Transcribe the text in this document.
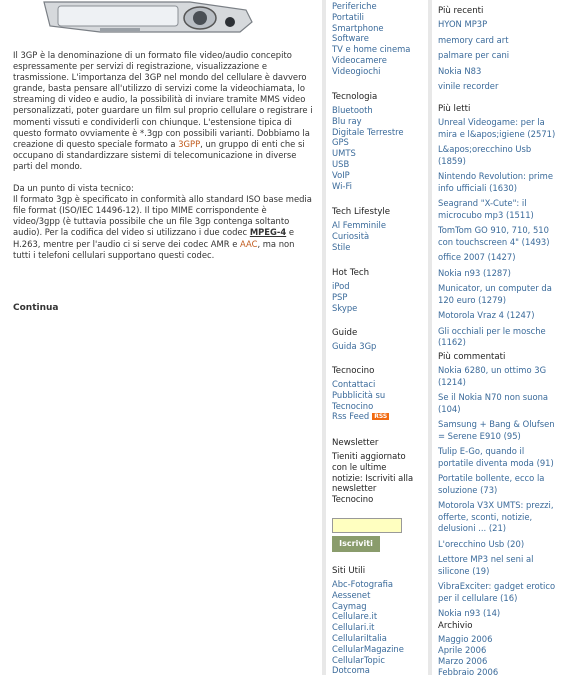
Il 3GP è la denominazione di un formato file video/audio concepito espressamente per servizi di registrazione, visualizzazione e trasmissione. L'importanza del 3GP nel mondo del cellulare è davvero grande, basta pensare all'utilizzo di servizi come la videochiamata, lo streaming di video e audio, la possibilità di inviare tramite MMS video personalizzati, poter guardare un film sul proprio cellulare o registrare i momenti vissuti e condividerli con chiunque. L'estensione tipica di questo formato ovviamente è *.3gp con possibili varianti. Dobbiamo la creazione di questo speciale formato a 3GPP, un gruppo di enti che si occupano di standardizzare sistemi di telecomunicazione in diverse parti del mondo.

Da un punto di vista tecnico:
Il formato 3gp è specificato in conformità allo standard ISO base media file format (ISO/IEC 14496-12). Il tipo MIME corrispondente è video/3gpp (è tuttavia possibile che un file 3gp contenga soltanto audio). Per la codifica del video si utilizzano i due codec MPEG-4 e H.263, mentre per l'audio ci si serve dei codec AMR e AAC, ma non tutti i telefoni cellulari supportano questi codec.

Continua
Periferiche
Portatili
Smartphone
Software
TV e home cinema
Videocamere
Videogiochi
Tecnologia
Bluetooth
Blu ray
Digitale Terrestre
GPS
UMTS
USB
VoIP
Wi-Fi
Tech Lifestyle
Al Femminile
Curiosità
Stile
Hot Tech
iPod
PSP
Skype
Guide
Guida 3Gp
Tecnocino
Contattaci
Pubblicità su Tecnocino
Rss Feed RSS
Newsletter
Tieniti aggiornato con le ultime notizie: Iscriviti alla newsletter Tecnocino
Siti Utili
Abc-Fotografia
Aessenet
Caymag
Cellulare.it
Cellulari.it
CellulariItalia
CellularMagazine
CellularTopic
Dotcoma
Iscriviti
Più recenti
HYON MP3P
memory card art
palmare per cani
Nokia N83
vinile recorder
Più letti
Unreal Videogame: per la mira e l&apos;igiene (2571)
L&apos;orecchino Usb (1859)
Nintendo Revolution: prime info ufficiali (1630)
Seagrand "X-Cute": il microcubo mp3 (1511)
TomTom GO 910, 710, 510 con touchscreen 4" (1493)
office 2007 (1427)
Nokia n93 (1287)
Municator, un computer da 120 euro (1279)
Motorola Vraz 4 (1247)
Gli occhiali per le mosche (1162)
Più commentati
Nokia 6280, un ottimo 3G (1214)
Se il Nokia N70 non suona (104)
Samsung + Bang & Olufsen = Serene E910 (95)
Tulip E-Go, quando il portatile diventa moda (91)
Portatile bollente, ecco la soluzione (73)
Motorola V3X UMTS: prezzi, offerte, sconti, notizie, delusioni ... (21)
L'orecchino Usb (20)
Lettore MP3 nel seni al silicone (19)
VibraExciter: gadget erotico per il cellulare (16)
Nokia n93 (14)
Archivio
Maggio 2006
Aprile 2006
Marzo 2006
Febbraio 2006
